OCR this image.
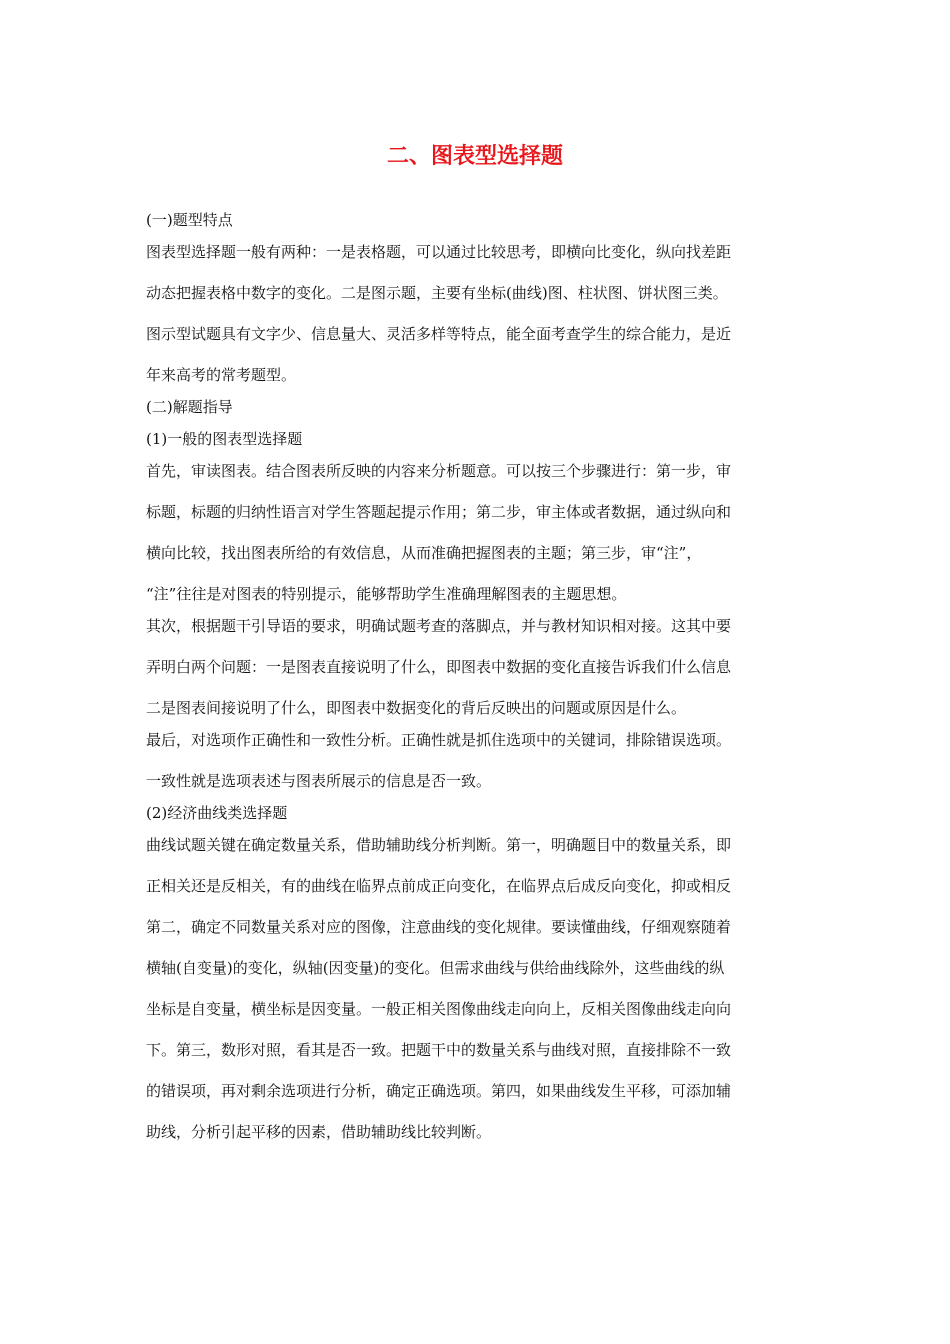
二、图表型选择题
(一)题型特点
图表型选择题一般有两种：一是表格题，可以通过比较思考，即横向比变化，纵向找差距
动态把握表格中数字的变化。二是图示题，主要有坐标(曲线)图、柱状图、饼状图三类。
图示型试题具有文字少、信息量大、灵活多样等特点，能全面考查学生的综合能力，是近
年来高考的常考题型。
(二)解题指导
(1)一般的图表型选择题
首先，审读图表。结合图表所反映的内容来分析题意。可以按三个步骤进行：第一步，审
标题，标题的归纳性语言对学生答题起提示作用；第二步，审主体或者数据，通过纵向和
横向比较，找出图表所给的有效信息，从而准确把握图表的主题；第三步，审“注”，
“注”往往是对图表的特别提示，能够帮助学生准确理解图表的主题思想。
其次，根据题干引导语的要求，明确试题考查的落脚点，并与教材知识相对接。这其中要
弄明白两个问题：一是图表直接说明了什么，即图表中数据的变化直接告诉我们什么信息
二是图表间接说明了什么，即图表中数据变化的背后反映出的问题或原因是什么。
最后，对选项作正确性和一致性分析。正确性就是抓住选项中的关键词，排除错误选项。
一致性就是选项表述与图表所展示的信息是否一致。
(2)经济曲线类选择题
曲线试题关键在确定数量关系，借助辅助线分析判断。第一，明确题目中的数量关系，即
正相关还是反相关，有的曲线在临界点前成正向变化，在临界点后成反向变化，抑或相反
第二，确定不同数量关系对应的图像，注意曲线的变化规律。要读懂曲线，仔细观察随着
横轴(自变量)的变化，纵轴(因变量)的变化。但需求曲线与供给曲线除外，这些曲线的纵
坐标是自变量，横坐标是因变量。一般正相关图像曲线走向向上，反相关图像曲线走向向
下。第三，数形对照，看其是否一致。把题干中的数量关系与曲线对照，直接排除不一致
的错误项，再对剩余选项进行分析，确定正确选项。第四，如果曲线发生平移，可添加辅
助线，分析引起平移的因素，借助辅助线比较判断。
